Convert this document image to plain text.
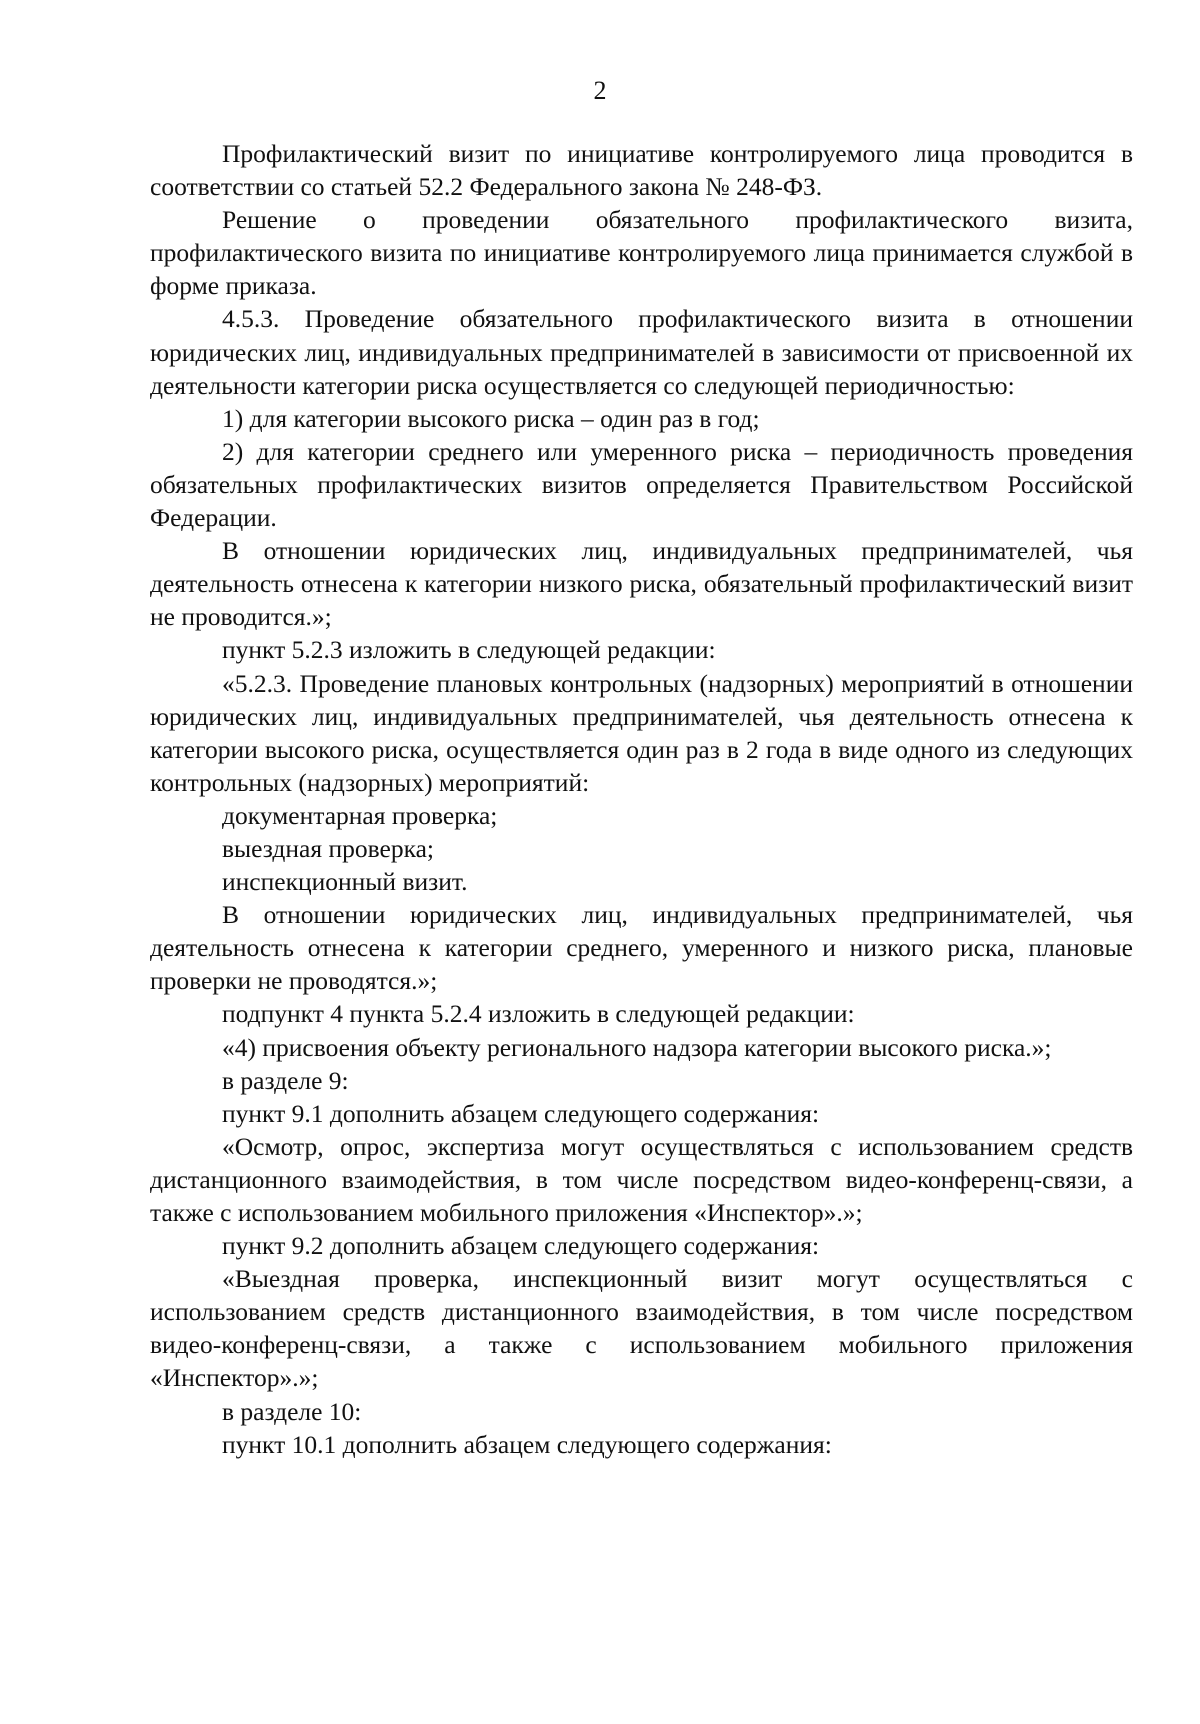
2

Профилактический визит по инициативе контролируемого лица проводится в соответствии со статьей 52.2 Федерального закона № 248-ФЗ.

Решение о проведении обязательного профилактического визита, профилактического визита по инициативе контролируемого лица принимается службой в форме приказа.

4.5.3. Проведение обязательного профилактического визита в отношении юридических лиц, индивидуальных предпринимателей в зависимости от присвоенной их деятельности категории риска осуществляется со следующей периодичностью:

1) для категории высокого риска – один раз в год;

2) для категории среднего или умеренного риска – периодичность проведения обязательных профилактических визитов определяется Правительством Российской Федерации.

В отношении юридических лиц, индивидуальных предпринимателей, чья деятельность отнесена к категории низкого риска, обязательный профилактический визит не проводится.»;

пункт 5.2.3 изложить в следующей редакции:

«5.2.3. Проведение плановых контрольных (надзорных) мероприятий в отношении юридических лиц, индивидуальных предпринимателей, чья деятельность отнесена к категории высокого риска, осуществляется один раз в 2 года в виде одного из следующих контрольных (надзорных) мероприятий:

документарная проверка;

выездная проверка;

инспекционный визит.

В отношении юридических лиц, индивидуальных предпринимателей, чья деятельность отнесена к категории среднего, умеренного и низкого риска, плановые проверки не проводятся.»;

подпункт 4 пункта 5.2.4 изложить в следующей редакции:

«4) присвоения объекту регионального надзора категории высокого риска.»;

в разделе 9:

пункт 9.1 дополнить абзацем следующего содержания:

«Осмотр, опрос, экспертиза могут осуществляться с использованием средств дистанционного взаимодействия, в том числе посредством видео-конференц-связи, а также с использованием мобильного приложения «Инспектор».»;

пункт 9.2 дополнить абзацем следующего содержания:

«Выездная проверка, инспекционный визит могут осуществляться с использованием средств дистанционного взаимодействия, в том числе посредством видео-конференц-связи, а также с использованием мобильного приложения «Инспектор».»;

в разделе 10:

пункт 10.1 дополнить абзацем следующего содержания:
